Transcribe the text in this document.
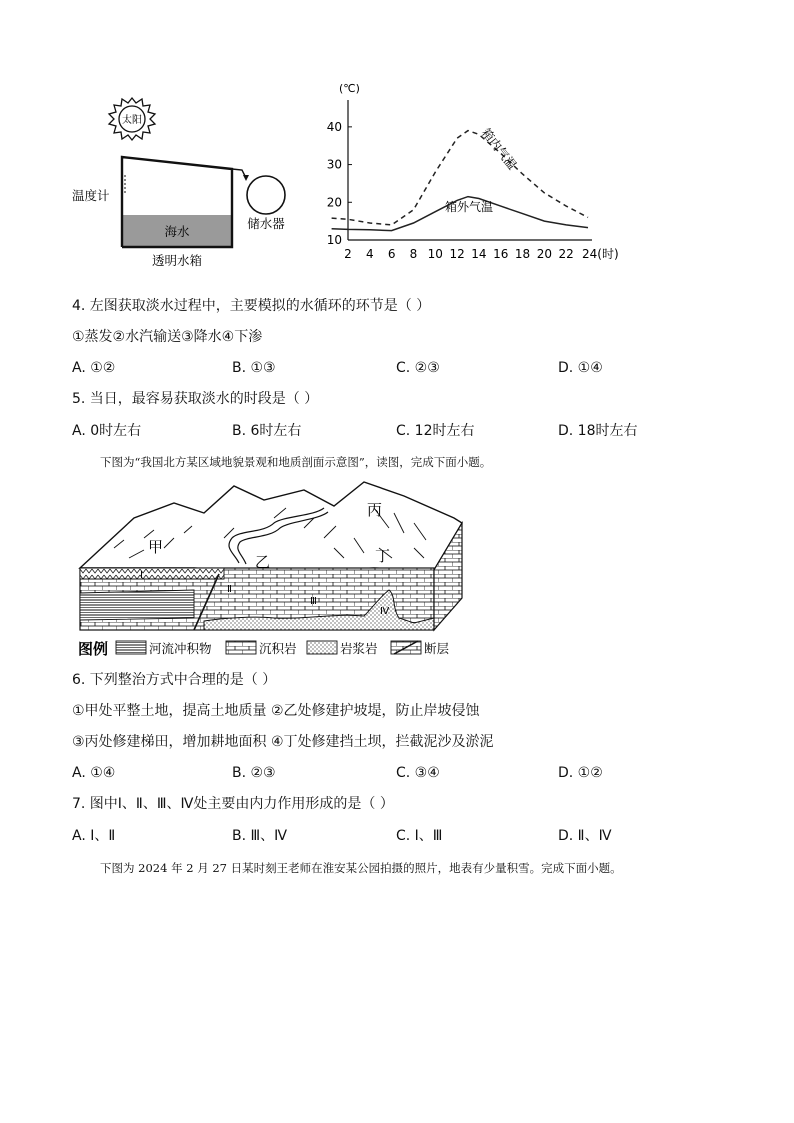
太阳
温度计
海水
储水器
透明水箱
10
20
30
40
2 4 6 8 10 12 14 16 18 20 22 24(时)
(℃)
箱内气温
箱外气温
4. 左图获取淡水过程中，主要模拟的水循环的环节是（ ）
①蒸发②水汽输送③降水④下渗
A. ①②	B. ①③	C. ②③	D. ①④
5. 当日，最容易获取淡水的时段是（ ）
A. 0时左右	B. 6时左右	C. 12时左右	D. 18时左右
下图为“我国北方某区域地貌景观和地质剖面示意图”，读图，完成下面小题。
甲
乙
丙
丁
Ⅰ
Ⅱ
Ⅲ
Ⅳ
图例	河流冲积物	沉积岩	岩浆岩	断层
6. 下列整治方式中合理的是（ ）
①甲处平整土地，提高土地质量 ②乙处修建护坡堤，防止岸坡侵蚀
③丙处修建梯田，增加耕地面积 ④丁处修建挡土坝，拦截泥沙及淤泥
A. ①④	B. ②③	C. ③④	D. ①②
7. 图中Ⅰ、Ⅱ、Ⅲ、Ⅳ处主要由内力作用形成的是（ ）
A. Ⅰ、Ⅱ	B. Ⅲ、Ⅳ	C. Ⅰ、Ⅲ	D. Ⅱ、Ⅳ
下图为 2024 年 2 月 27 日某时刻王老师在淮安某公园拍摄的照片，地表有少量积雪。完成下面小题。
